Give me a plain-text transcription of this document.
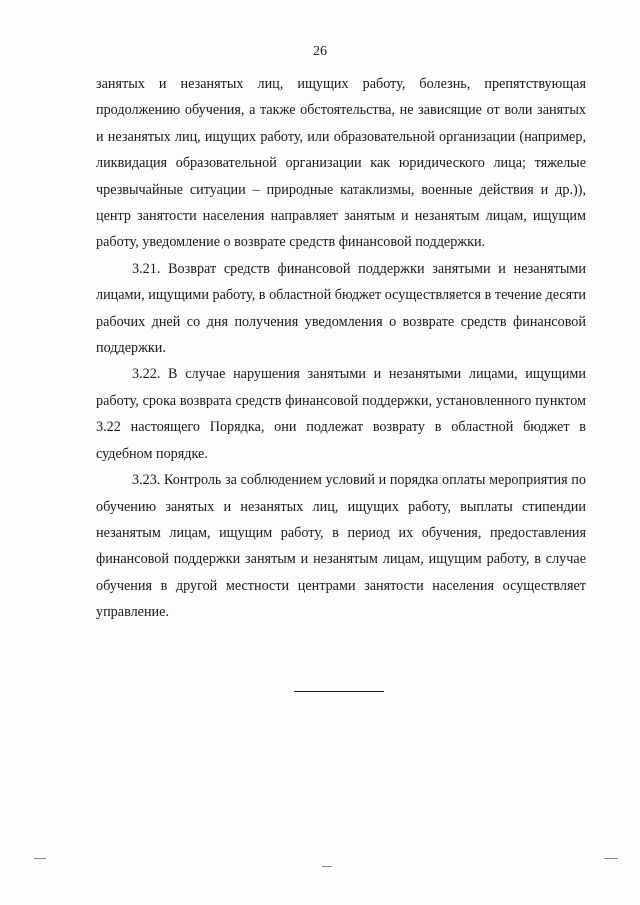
26

занятых и незанятых лиц, ищущих работу, болезнь, препятствующая продолжению обучения, а также обстоятельства, не зависящие от воли занятых и незанятых лиц, ищущих работу, или образовательной организации (например, ликвидация образовательной организации как юридического лица; тяжелые чрезвычайные ситуации – природные катаклизмы, военные действия и др.)), центр занятости населения направляет занятым и незанятым лицам, ищущим работу, уведомление о возврате средств финансовой поддержки.

3.21. Возврат средств финансовой поддержки занятыми и незанятыми лицами, ищущими работу, в областной бюджет осуществляется в течение десяти рабочих дней со дня получения уведомления о возврате средств финансовой поддержки.

3.22. В случае нарушения занятыми и незанятыми лицами, ищущими работу, срока возврата средств финансовой поддержки, установленного пунктом 3.22 настоящего Порядка, они подлежат возврату в областной бюджет в судебном порядке.

3.23. Контроль за соблюдением условий и порядка оплаты мероприятия по обучению занятых и незанятых лиц, ищущих работу, выплаты стипендии незанятым лицам, ищущим работу, в период их обучения, предоставления финансовой поддержки занятым и незанятым лицам, ищущим работу, в случае обучения в другой местности центрами занятости населения осуществляет управление.
